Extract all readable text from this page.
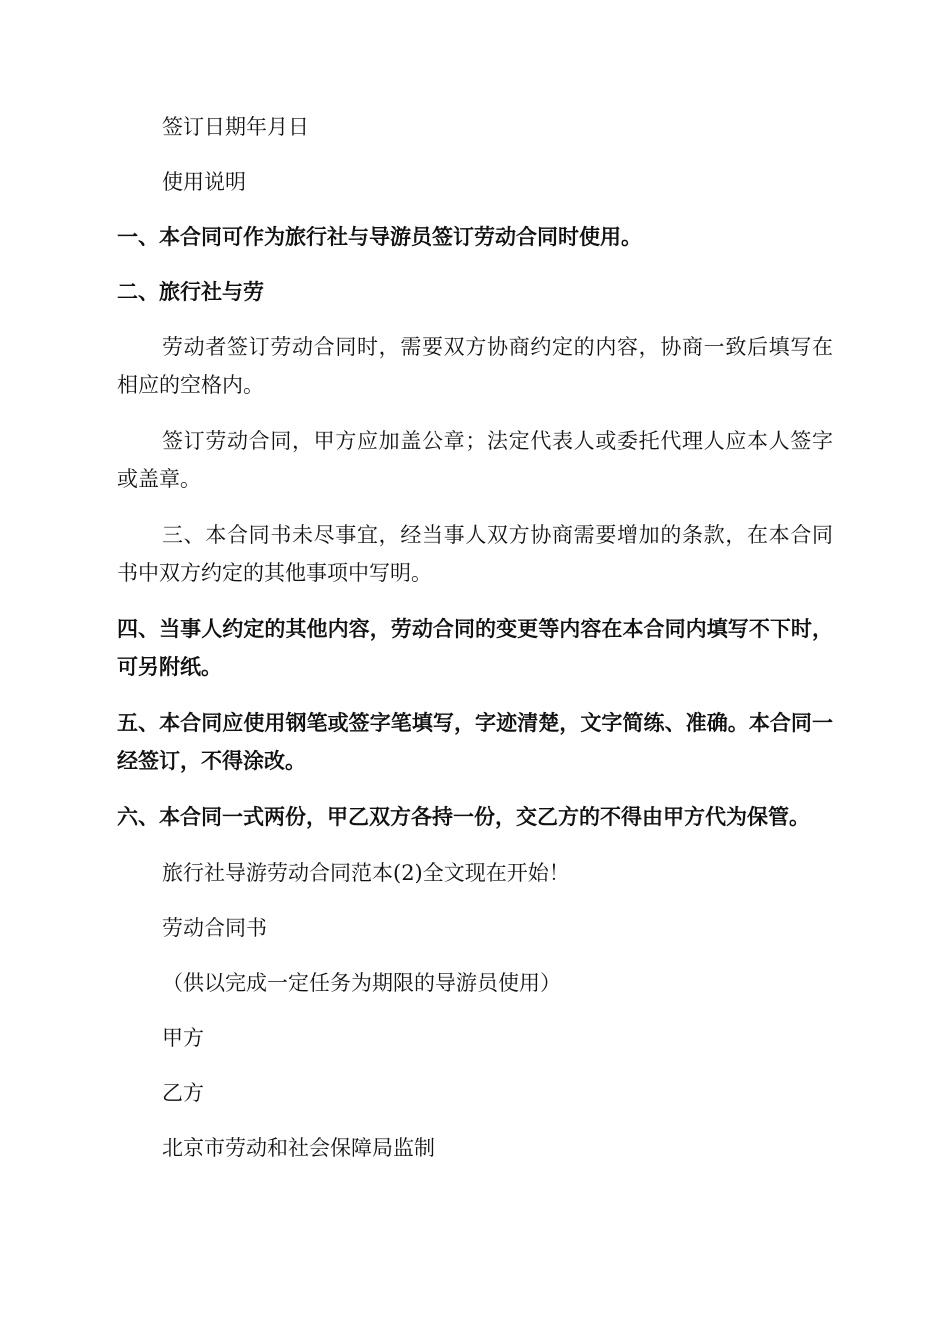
签订日期年月日

使用说明

一、本合同可作为旅行社与导游员签订劳动合同时使用。

二、旅行社与劳

劳动者签订劳动合同时，需要双方协商约定的内容，协商一致后填写在相应的空格内。

签订劳动合同，甲方应加盖公章；法定代表人或委托代理人应本人签字或盖章。

三、本合同书未尽事宜，经当事人双方协商需要增加的条款，在本合同书中双方约定的其他事项中写明。

四、当事人约定的其他内容，劳动合同的变更等内容在本合同内填写不下时，可另附纸。

五、本合同应使用钢笔或签字笔填写，字迹清楚，文字简练、准确。本合同一经签订，不得涂改。

六、本合同一式两份，甲乙双方各持一份，交乙方的不得由甲方代为保管。

旅行社导游劳动合同范本(2)全文现在开始！

劳动合同书

（供以完成一定任务为期限的导游员使用）

甲方

乙方

北京市劳动和社会保障局监制
